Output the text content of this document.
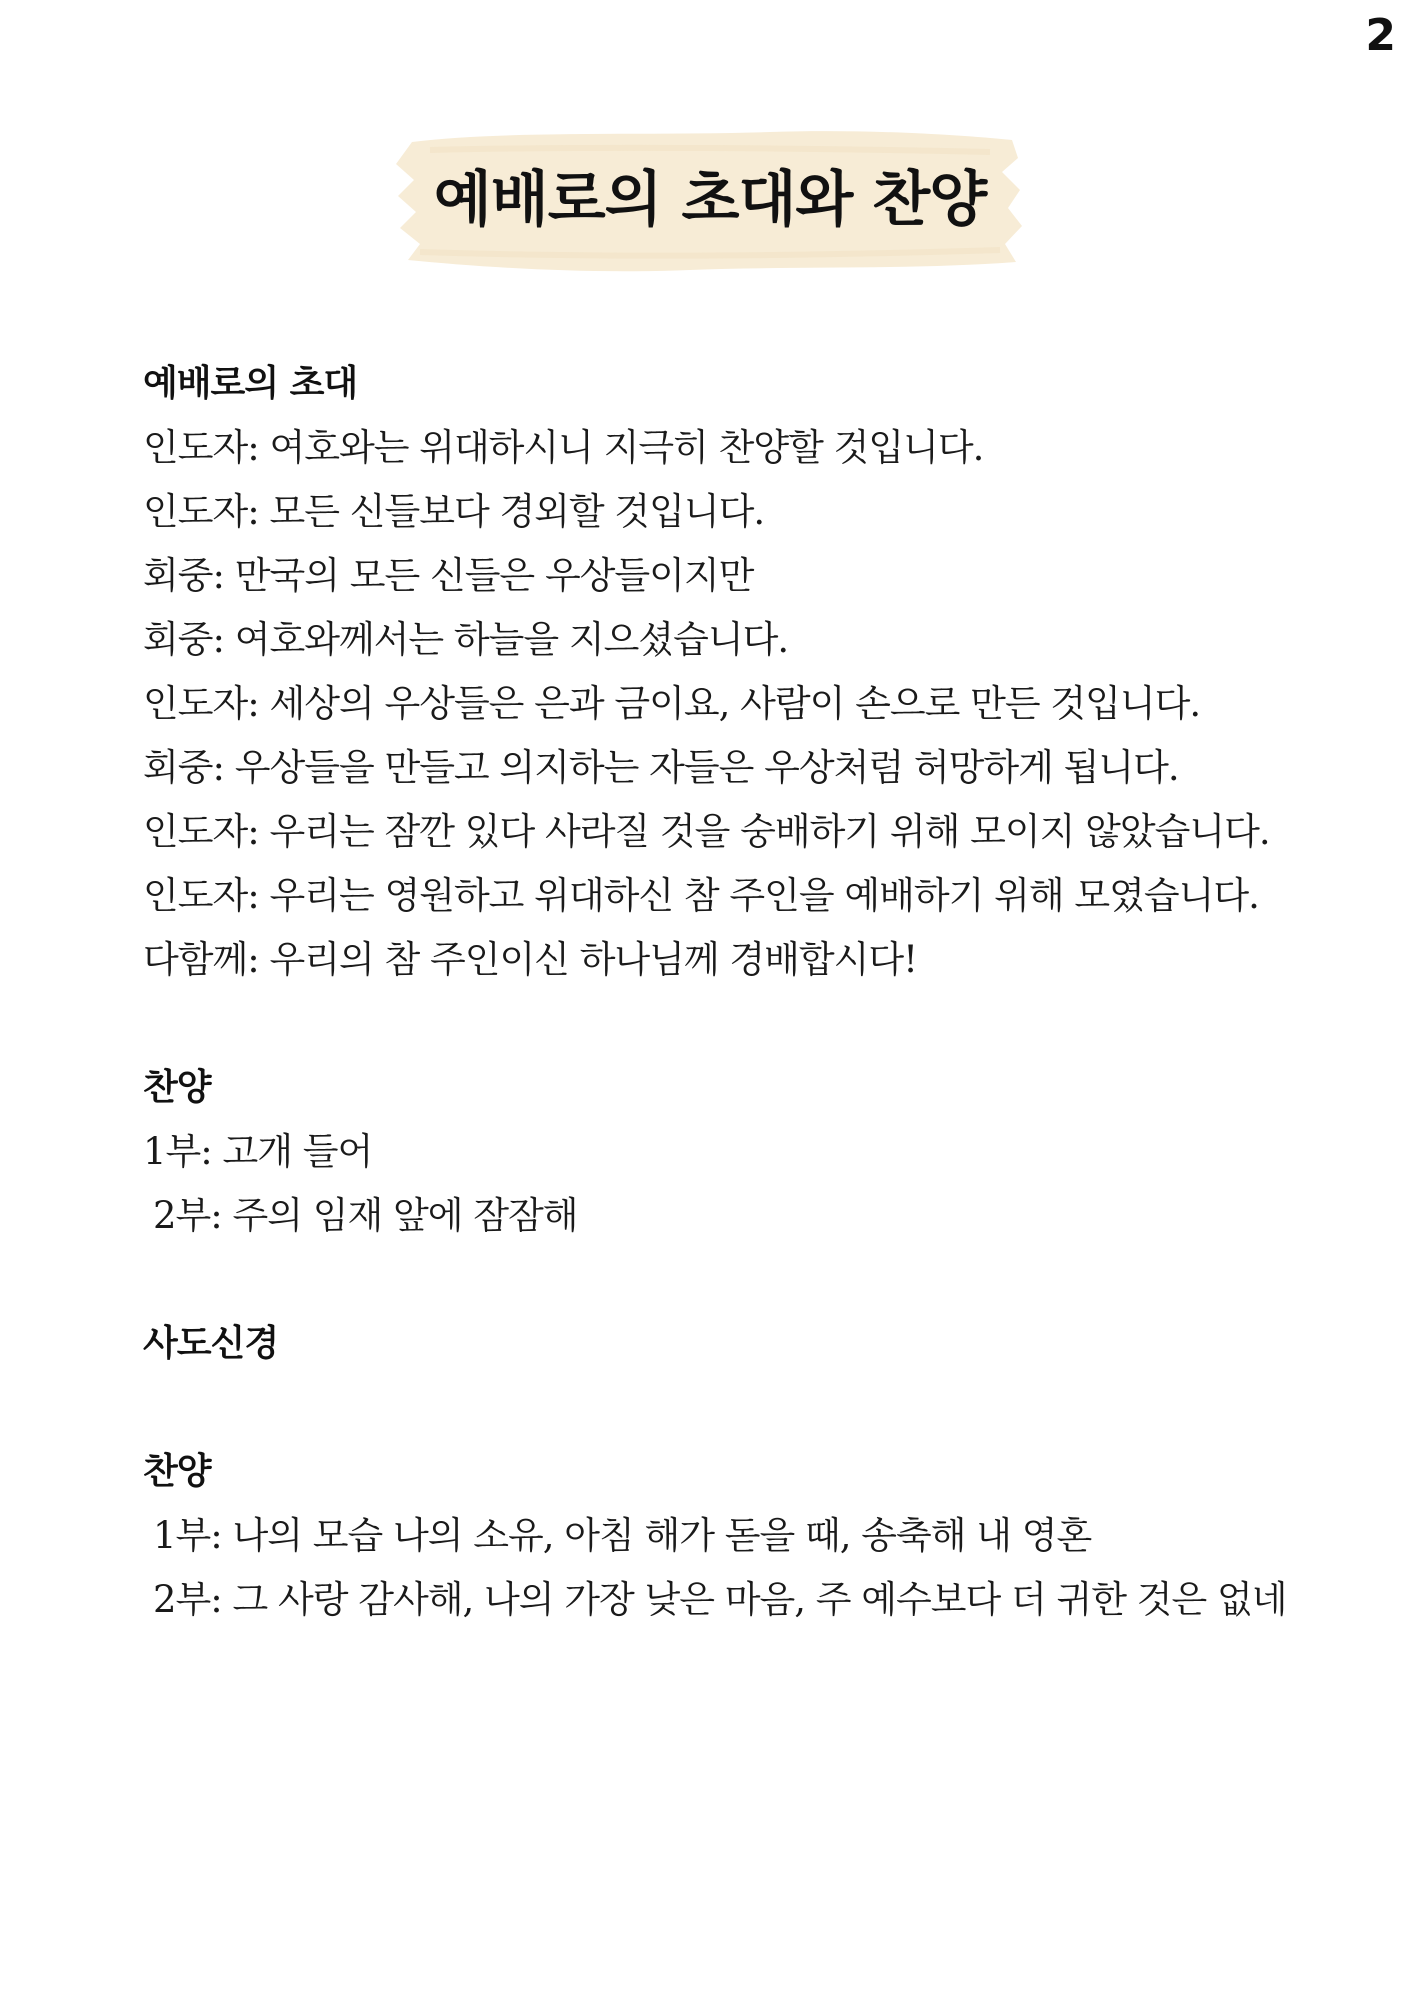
2
예배로의 초대와 찬양
예배로의 초대
인도자: 여호와는 위대하시니 지극히 찬양할 것입니다.
인도자: 모든 신들보다 경외할 것입니다.
회중: 만국의 모든 신들은 우상들이지만
회중: 여호와께서는 하늘을 지으셨습니다.
인도자: 세상의 우상들은 은과 금이요, 사람이 손으로 만든 것입니다.
회중: 우상들을 만들고 의지하는 자들은 우상처럼 허망하게 됩니다.
인도자: 우리는 잠깐 있다 사라질 것을 숭배하기 위해 모이지 않았습니다.
인도자: 우리는 영원하고 위대하신 참 주인을 예배하기 위해 모였습니다.
다함께: 우리의 참 주인이신 하나님께 경배합시다!
찬양
1부: 고개 들어
2부: 주의 임재 앞에 잠잠해
사도신경
찬양
1부: 나의 모습 나의 소유, 아침 해가 돋을 때, 송축해 내 영혼
2부: 그 사랑 감사해, 나의 가장 낮은 마음, 주 예수보다 더 귀한 것은 없네
